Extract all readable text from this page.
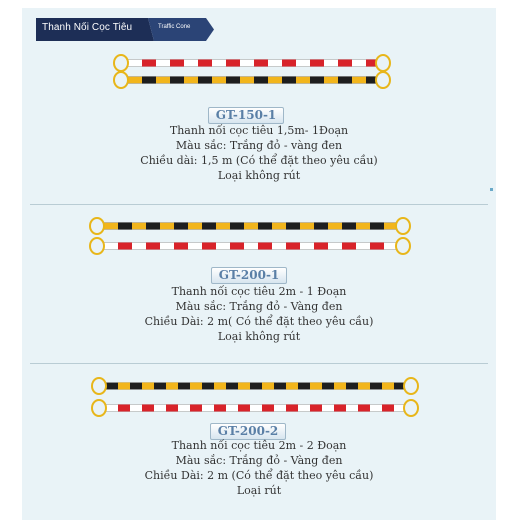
Thanh Nối Cọc Tiêu	Traffic Cone
GT-150-1
Thanh nối cọc tiêu 1,5m- 1Đoạn
Màu sắc: Trắng đỏ - vàng đen
Chiều dài: 1,5 m (Có thể đặt theo yêu cầu)
Loại không rút
GT-200-1
Thanh nối cọc tiêu 2m - 1 Đoạn
Màu sắc: Trắng đỏ - Vàng đen
Chiều Dài: 2 m( Có thể đặt theo yêu cầu)
Loại không rút
GT-200-2
Thanh nối cọc tiêu 2m - 2 Đoạn
Màu sắc: Trắng đỏ - Vàng đen
Chiều Dài: 2 m (Có thể đặt theo yêu cầu)
Loại rút
